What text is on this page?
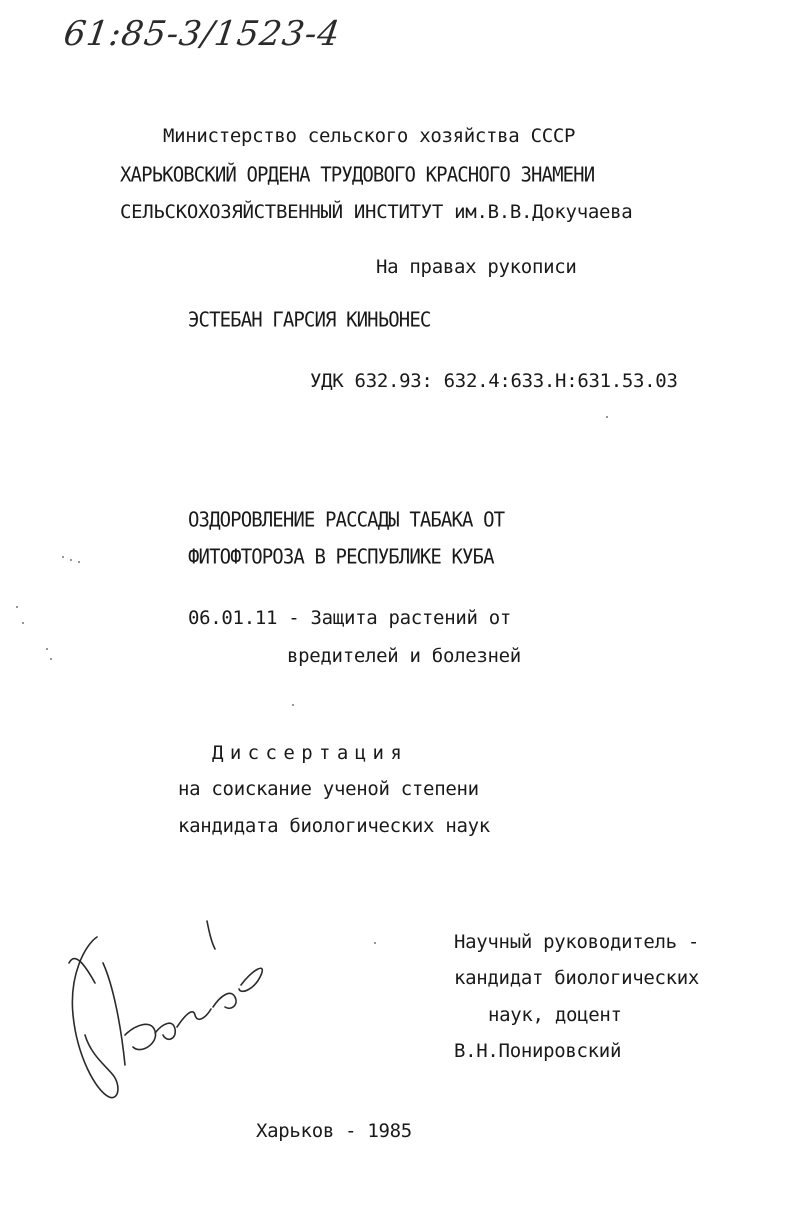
61:85-3/1523-4
Министерство сельского хозяйства СССР
ХАРЬКОВСКИЙ ОРДЕНА ТРУДОВОГО КРАСНОГО ЗНАМЕНИ
СЕЛЬСКОХОЗЯЙСТВЕННЫЙ ИНСТИТУТ им.В.В.Докучаева
На правах рукописи
ЭСТЕБАН ГАРСИЯ КИНЬОНЕС
УДК 632.93: 632.4:633.Н:631.53.03
ОЗДОРОВЛЕНИЕ РАССАДЫ ТАБАКА ОТ
ФИТОФТОРОЗА В РЕСПУБЛИКЕ КУБА
06.01.11 - Защита растений от
вредителей и болезней
Диссертация
на соискание ученой степени
кандидата биологических наук
Научный руководитель -
кандидат биологических
наук, доцент
В.Н.Понировский
Харьков - 1985
